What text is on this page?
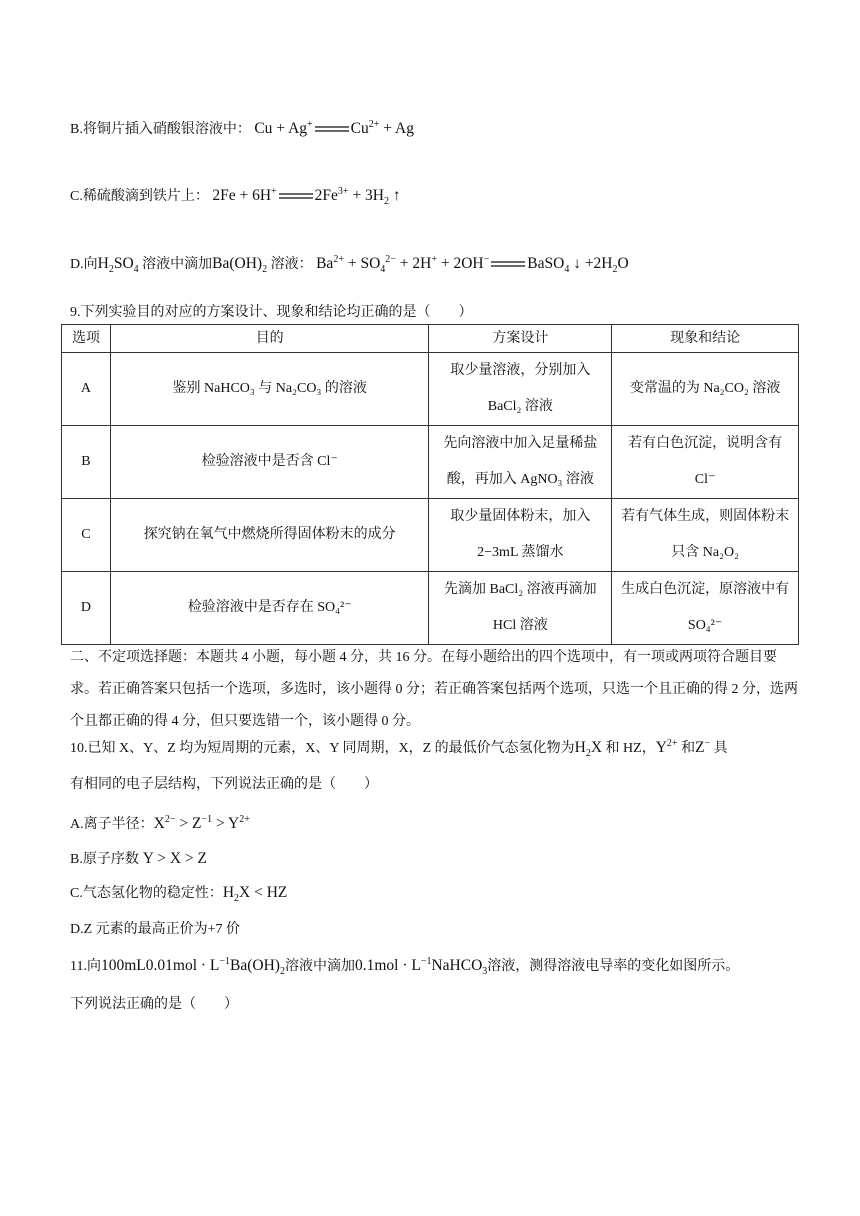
B.将铜片插入硝酸银溶液中： Cu + Ag+ $Cu^{2+} + Ag$
C.稀硫酸滴到铁片上： 2Fe + 6H+ $2Fe^{3+} + 3H_2$ ↑
D.向$H_2SO_4$ 溶液中滴加$Ba(OH)_2$ 溶液： $Ba^{2+} + SO_4^{2-} + 2H^+ + 2OH^-$ BaSO$_4$ ↓ $+2H_2O$
9.下列实验目的对应的方案设计、现象和结论均正确的是（　　）
选项	目的	方案设计	现象和结论
A	鉴别 NaHCO₃ 与 Na₂CO₃ 的溶液	取少量溶液，分别加入 BaCl₂ 溶液	变常温的为 Na₂CO₂ 溶液
B	检验溶液中是否含 Cl⁻	先向溶液中加入足量稀盐酸，再加入 AgNO₃ 溶液	若有白色沉淀，说明含有 Cl⁻
C	探究钠在氧气中燃烧所得固体粉末的成分	取少量固体粉末，加入 2−3mL 蒸馏水	若有气体生成，则固体粉末只含 Na₂O₂
D	检验溶液中是否存在 SO₄²⁻	先滴加 BaCl₂ 溶液再滴加 HCl 溶液	生成白色沉淀，原溶液中有 SO₄²⁻
二、不定项选择题：本题共 4 小题，每小题 4 分，共 16 分。在每小题给出的四个选项中，有一项或两项符合题目要求。若正确答案只包括一个选项，多选时，该小题得 0 分；若正确答案包括两个选项，只选一个且正确的得 2 分，选两个且都正确的得 4 分，但只要选错一个，该小题得 0 分。
10.已知 X、Y、Z 均为短周期的元素，X、Y 同周期，X，Z 的最低价气态氢化物为$H_2X$ 和 HZ，$Y^{2+}$ 和Z− 具
有相同的电子层结构，下列说法正确的是（　　）
A.离子半径：$X^{2-} > Z^{-1} > Y^{2+}$
B.原子序数 Y > X > Z
C.气态氢化物的稳定性：$H_2X$ < HZ
D.Z 元素的最高正价为+7 价
11.向$100mL0.01mol \cdot L^{-1}Ba(OH)_2$溶液中滴加$0.1mol \cdot L^{-1}NaHCO_3$溶液，测得溶液电导率的变化如图所示。
下列说法正确的是（　　）
